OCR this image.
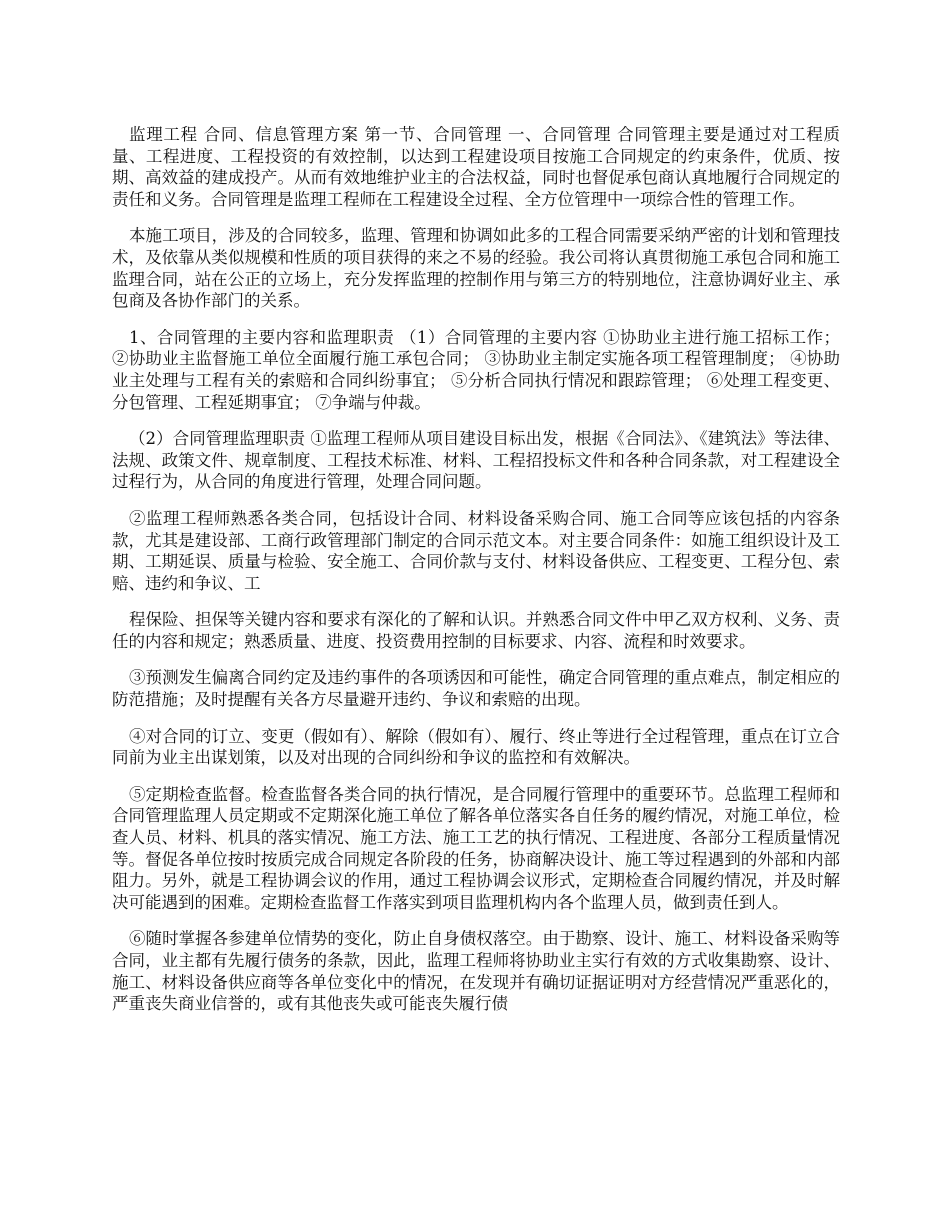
监理工程 合同、信息管理方案 第一节、合同管理 一、合同管理 合同管理主要是通过对工程质量、工程进度、工程投资的有效控制，以达到工程建设项目按施工合同规定的约束条件，优质、按期、高效益的建成投产。从而有效地维护业主的合法权益，同时也督促承包商认真地履行合同规定的责任和义务。合同管理是监理工程师在工程建设全过程、全方位管理中一项综合性的管理工作。

本施工项目，涉及的合同较多，监理、管理和协调如此多的工程合同需要采纳严密的计划和管理技术，及依靠从类似规模和性质的项目获得的来之不易的经验。我公司将认真贯彻施工承包合同和施工监理合同，站在公正的立场上，充分发挥监理的控制作用与第三方的特别地位，注意协调好业主、承包商及各协作部门的关系。

1、合同管理的主要内容和监理职责 （1）合同管理的主要内容 ①协助业主进行施工招标工作； ②协助业主监督施工单位全面履行施工承包合同； ③协助业主制定实施各项工程管理制度； ④协助业主处理与工程有关的索赔和合同纠纷事宜； ⑤分析合同执行情况和跟踪管理； ⑥处理工程变更、分包管理、工程延期事宜； ⑦争端与仲裁。

（2）合同管理监理职责 ①监理工程师从项目建设目标出发，根据《合同法》、《建筑法》等法律、法规、政策文件、规章制度、工程技术标准、材料、工程招投标文件和各种合同条款，对工程建设全过程行为，从合同的角度进行管理，处理合同问题。

②监理工程师熟悉各类合同，包括设计合同、材料设备采购合同、施工合同等应该包括的内容条款，尤其是建设部、工商行政管理部门制定的合同示范文本。对主要合同条件：如施工组织设计及工期、工期延误、质量与检验、安全施工、合同价款与支付、材料设备供应、工程变更、工程分包、索赔、违约和争议、工

程保险、担保等关键内容和要求有深化的了解和认识。并熟悉合同文件中甲乙双方权利、义务、责任的内容和规定；熟悉质量、进度、投资费用控制的目标要求、内容、流程和时效要求。

③预测发生偏离合同约定及违约事件的各项诱因和可能性，确定合同管理的重点难点，制定相应的防范措施；及时提醒有关各方尽量避开违约、争议和索赔的出现。

④对合同的订立、变更（假如有）、解除（假如有）、履行、终止等进行全过程管理，重点在订立合同前为业主出谋划策，以及对出现的合同纠纷和争议的监控和有效解决。

⑤定期检查监督。检查监督各类合同的执行情况，是合同履行管理中的重要环节。总监理工程师和合同管理监理人员定期或不定期深化施工单位了解各单位落实各自任务的履约情况，对施工单位，检查人员、材料、机具的落实情况、施工方法、施工工艺的执行情况、工程进度、各部分工程质量情况等。督促各单位按时按质完成合同规定各阶段的任务，协商解决设计、施工等过程遇到的外部和内部阻力。另外，就是工程协调会议的作用，通过工程协调会议形式，定期检查合同履约情况，并及时解决可能遇到的困难。定期检查监督工作落实到项目监理机构内各个监理人员，做到责任到人。

⑥随时掌握各参建单位情势的变化，防止自身债权落空。由于勘察、设计、施工、材料设备采购等合同，业主都有先履行债务的条款，因此，监理工程师将协助业主实行有效的方式收集勘察、设计、施工、材料设备供应商等各单位变化中的情况，在发现并有确切证据证明对方经营情况严重恶化的，严重丧失商业信誉的，或有其他丧失或可能丧失履行债
